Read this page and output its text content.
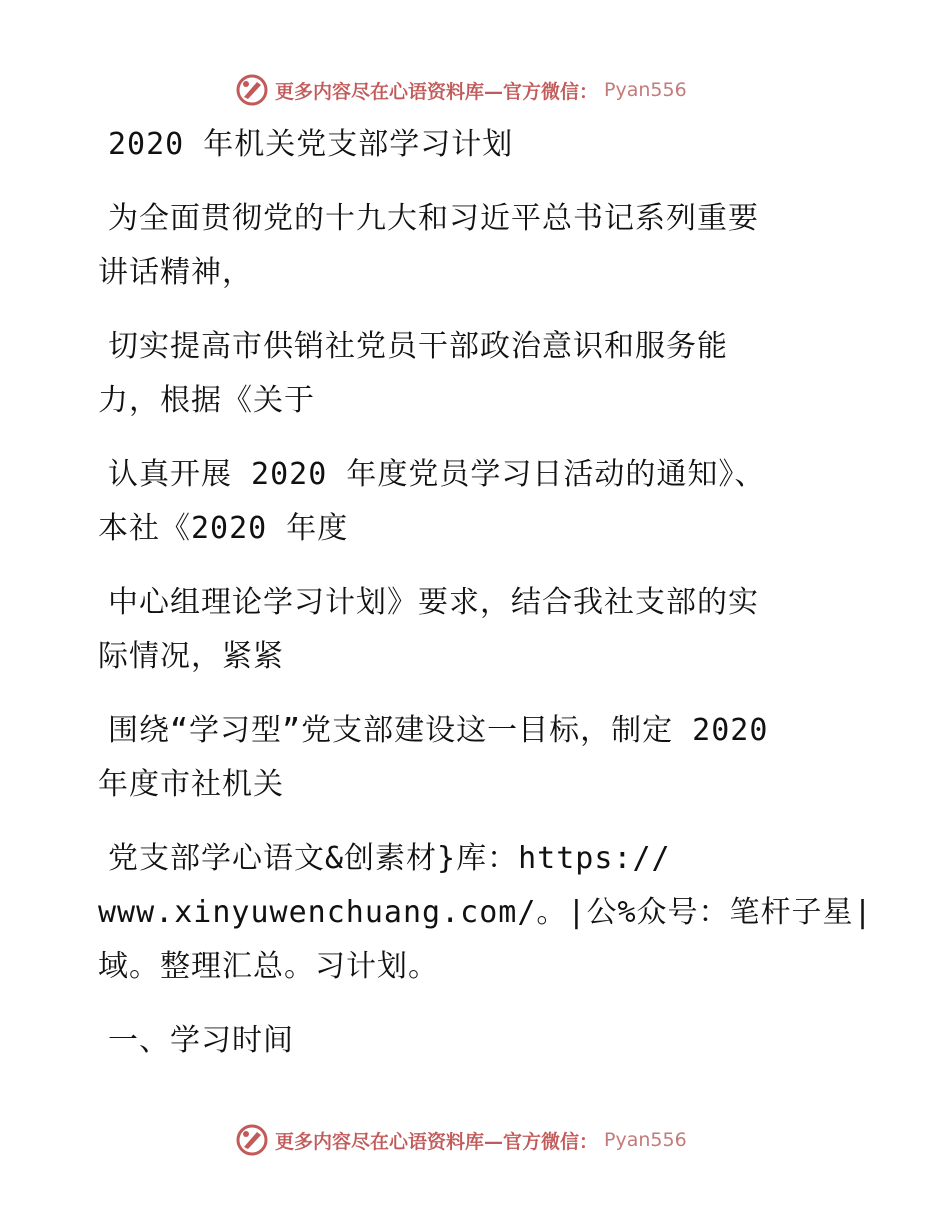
更多内容尽在心语资料库—官方微信： Pyan556
2020 年机关党支部学习计划
为全面贯彻党的十九大和习近平总书记系列重要
讲话精神，
切实提高市供销社党员干部政治意识和服务能
力，根据《关于
认真开展 2020 年度党员学习日活动的通知》、
本社《2020 年度
中心组理论学习计划》要求，结合我社支部的实
际情况，紧紧
围绕“学习型”党支部建设这一目标，制定 2020
年度市社机关
党支部学心语文&创素材}库：https://
www.xinyuwenchuang.com/。|公%众号：笔杆子星|
域。整理汇总。习计划。
一、学习时间
更多内容尽在心语资料库—官方微信： Pyan556
